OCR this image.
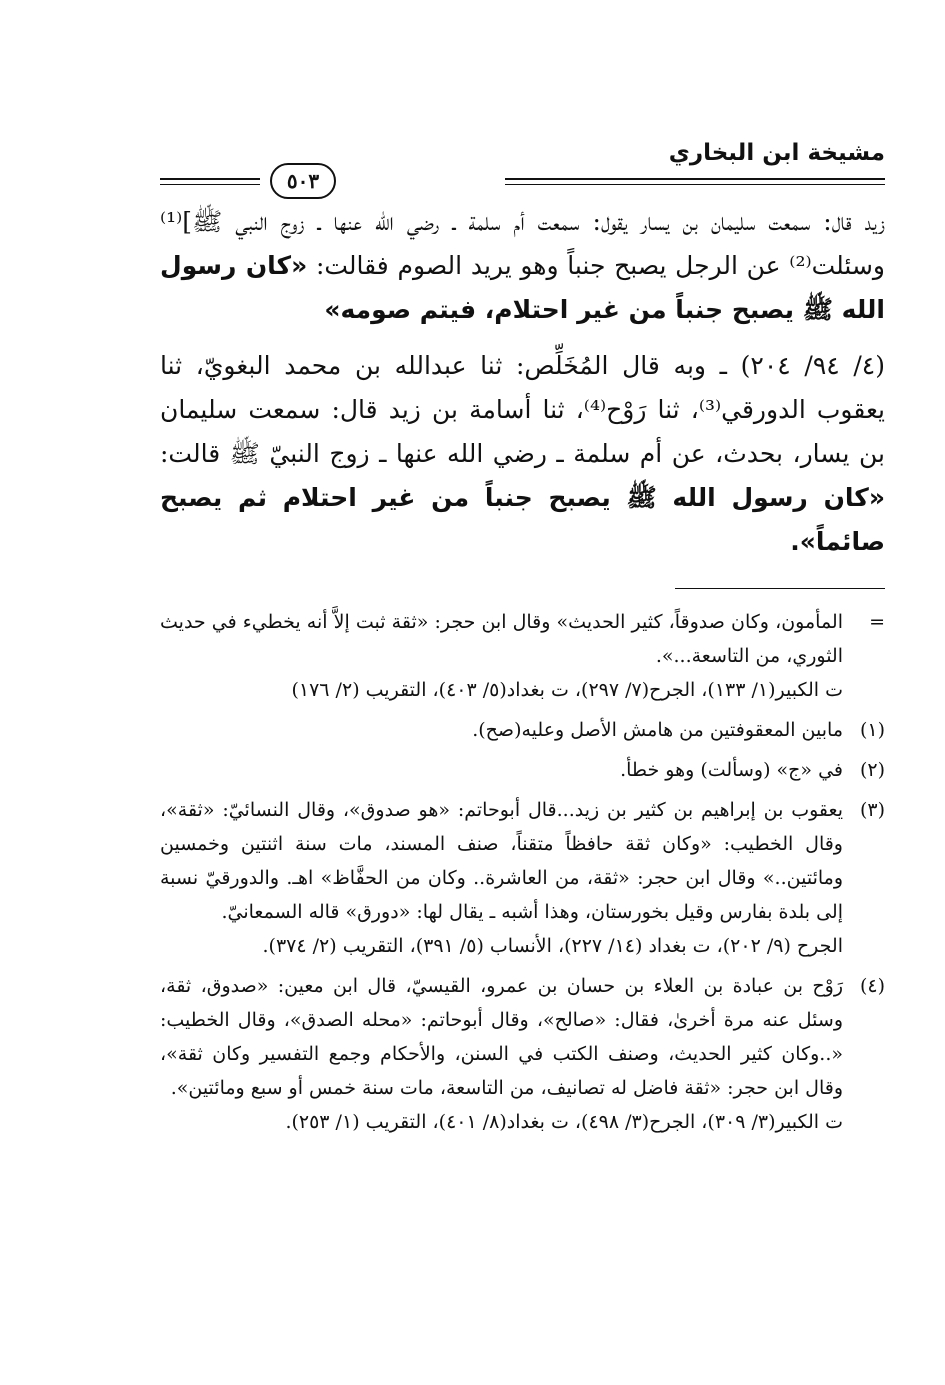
مشيخة ابن البخاري
٥٠٣

زيد قال: سمعت سليمان بن يسار يقول: سمعت أم سلمة ـ رضي الله عنها ـ زوج النبي ﷺ]⁽¹⁾ وسئلت⁽²⁾ عن الرجل يصبح جنباً وهو يريد الصوم فقالت: «كان رسول الله ﷺ يصبح جنباً من غير احتلام، فيتم صومه»

(٤/ ٩٤/ ٢٠٤) ـ وبه قال المُخَلِّص: ثنا عبدالله بن محمد البغويّ، ثنا يعقوب الدورقي⁽³⁾، ثنا رَوْح⁽⁴⁾، ثنا أسامة بن زيد قال: سمعت سليمان بن يسار، بحدث، عن أم سلمة ـ رضي الله عنها ـ زوج النبيّ ﷺ قالت: «كان رسول الله ﷺ يصبح جنباً من غير احتلام ثم يصبح صائماً».

=
المأمون، وكان صدوقاً، كثير الحديث» وقال ابن حجر: «ثقة ثبت إلاَّ أنه يخطيء في حديث الثوري، من التاسعة...».
ت الكبير(١/ ١٣٣)، الجرح(٧/ ٢٩٧)، ت بغداد(٥/ ٤٠٣)، التقريب (٢/ ١٧٦)
(١)
مابين المعقوفتين من هامش الأصل وعليه(صح).
(٢)
في «ج» (وسألت) وهو خطأ.
(٣)
يعقوب بن إبراهيم بن كثير بن زيد...قال أبوحاتم: «هو صدوق»، وقال النسائيّ: «ثقة»، وقال الخطيب: «وكان ثقة حافظاً متقناً، صنف المسند، مات سنة اثنتين وخمسين ومائتين..» وقال ابن حجر: «ثقة، من العاشرة.. وكان من الحفَّاظ» اهـ. والدورقيّ نسبة إلى بلدة بفارس وقيل بخورستان، وهذا أشبه ـ يقال لها: «دورق» قاله السمعانيّ.
الجرح (٩/ ٢٠٢)، ت بغداد (١٤/ ٢٢٧)، الأنساب (٥/ ٣٩١)، التقريب (٢/ ٣٧٤).
(٤)
رَوْح بن عبادة بن العلاء بن حسان بن عمرو، القيسيّ، قال ابن معين: «صدوق، ثقة، وسئل عنه مرة أخرىٰ، فقال: «صالح»، وقال أبوحاتم: «محله الصدق»، وقال الخطيب: «..وكان كثير الحديث، وصنف الكتب في السنن، والأحكام وجمع التفسير وكان ثقة»، وقال ابن حجر: «ثقة فاضل له تصانيف، من التاسعة، مات سنة خمس أو سبع ومائتين».
ت الكبير(٣/ ٣٠٩)، الجرح(٣/ ٤٩٨)، ت بغداد(٨/ ٤٠١)، التقريب (١/ ٢٥٣).
